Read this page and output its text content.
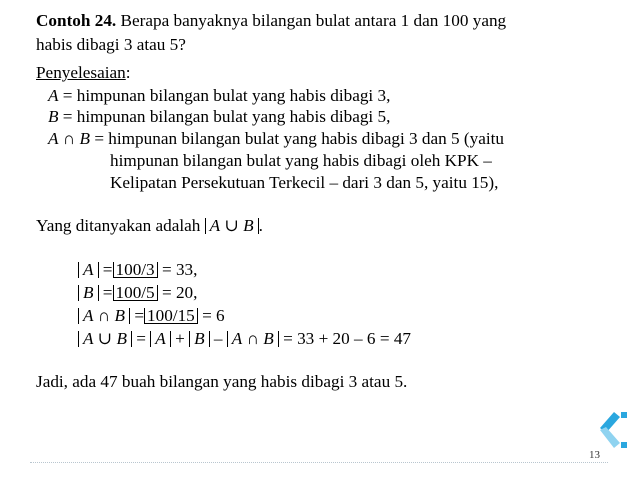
Contoh 24. Berapa banyaknya bilangan bulat antara 1 dan 100 yang
habis dibagi 3 atau 5?
Penyelesaian:
A = himpunan bilangan bulat yang habis dibagi 3,
B = himpunan bilangan bulat yang habis dibagi 5,
A ∩ B = himpunan bilangan bulat yang habis dibagi 3 dan 5 (yaitu
himpunan bilangan bulat yang habis dibagi oleh KPK –
Kelipatan Persekutuan Terkecil – dari 3 dan 5, yaitu 15),
Yang ditanyakan adalah A ∪ B .
A = 100/3 = 33,
B = 100/5 = 20,
A ∩ B = 100/15 = 6
A ∪ B = A + B – A ∩ B = 33 + 20 – 6 = 47
Jadi, ada 47 buah bilangan yang habis dibagi 3 atau 5.
13
